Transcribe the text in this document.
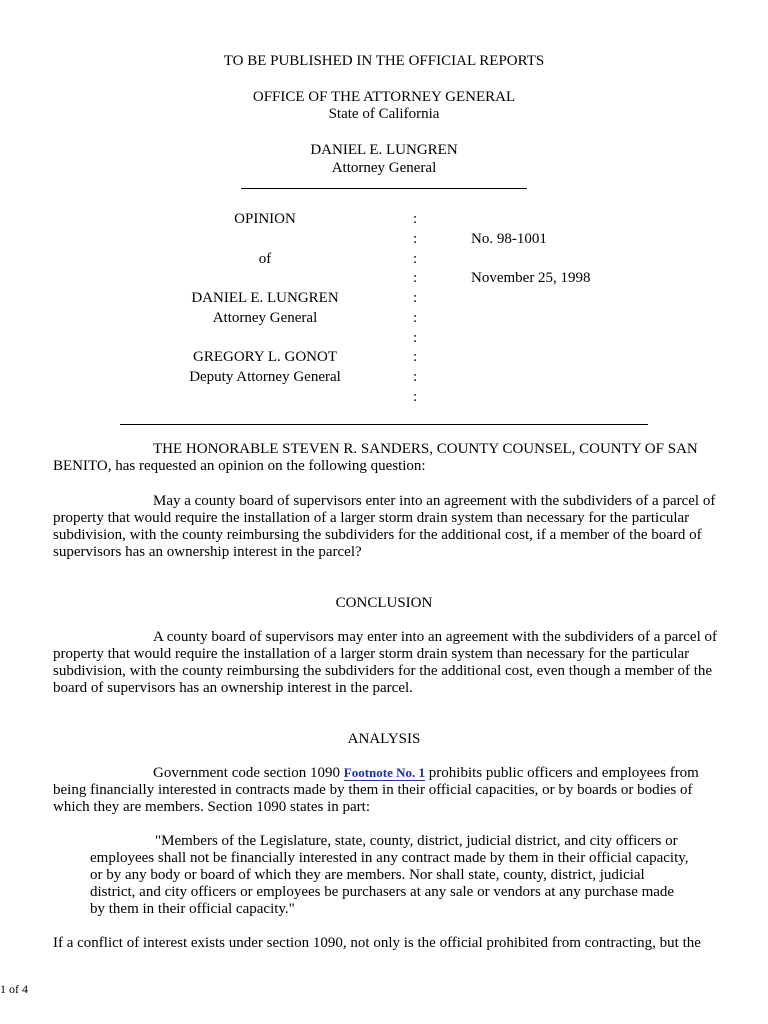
TO BE PUBLISHED IN THE OFFICIAL REPORTS
OFFICE OF THE ATTORNEY GENERAL
State of California
DANIEL E. LUNGREN
Attorney General
OPINION
of
DANIEL E. LUNGREN
Attorney General
GREGORY L. GONOT
Deputy Attorney General
:
:
:
:
:
:
:
:
:
:
No. 98-1001
November 25, 1998
THE HONORABLE STEVEN R. SANDERS, COUNTY COUNSEL, COUNTY OF SAN BENITO, has requested an opinion on the following question:
May a county board of supervisors enter into an agreement with the subdividers of a parcel of property that would require the installation of a larger storm drain system than necessary for the particular subdivision, with the county reimbursing the subdividers for the additional cost, if a member of the board of supervisors has an ownership interest in the parcel?
CONCLUSION
A county board of supervisors may enter into an agreement with the subdividers of a parcel of property that would require the installation of a larger storm drain system than necessary for the particular subdivision, with the county reimbursing the subdividers for the additional cost, even though a member of the board of supervisors has an ownership interest in the parcel.
ANALYSIS
Government code section 1090 Footnote No. 1 prohibits public officers and employees from being financially interested in contracts made by them in their official capacities, or by boards or bodies of which they are members. Section 1090 states in part:
"Members of the Legislature, state, county, district, judicial district, and city officers or employees shall not be financially interested in any contract made by them in their official capacity, or by any body or board of which they are members. Nor shall state, county, district, judicial district, and city officers or employees be purchasers at any sale or vendors at any purchase made by them in their official capacity."
If a conflict of interest exists under section 1090, not only is the official prohibited from contracting, but the
1 of 4
